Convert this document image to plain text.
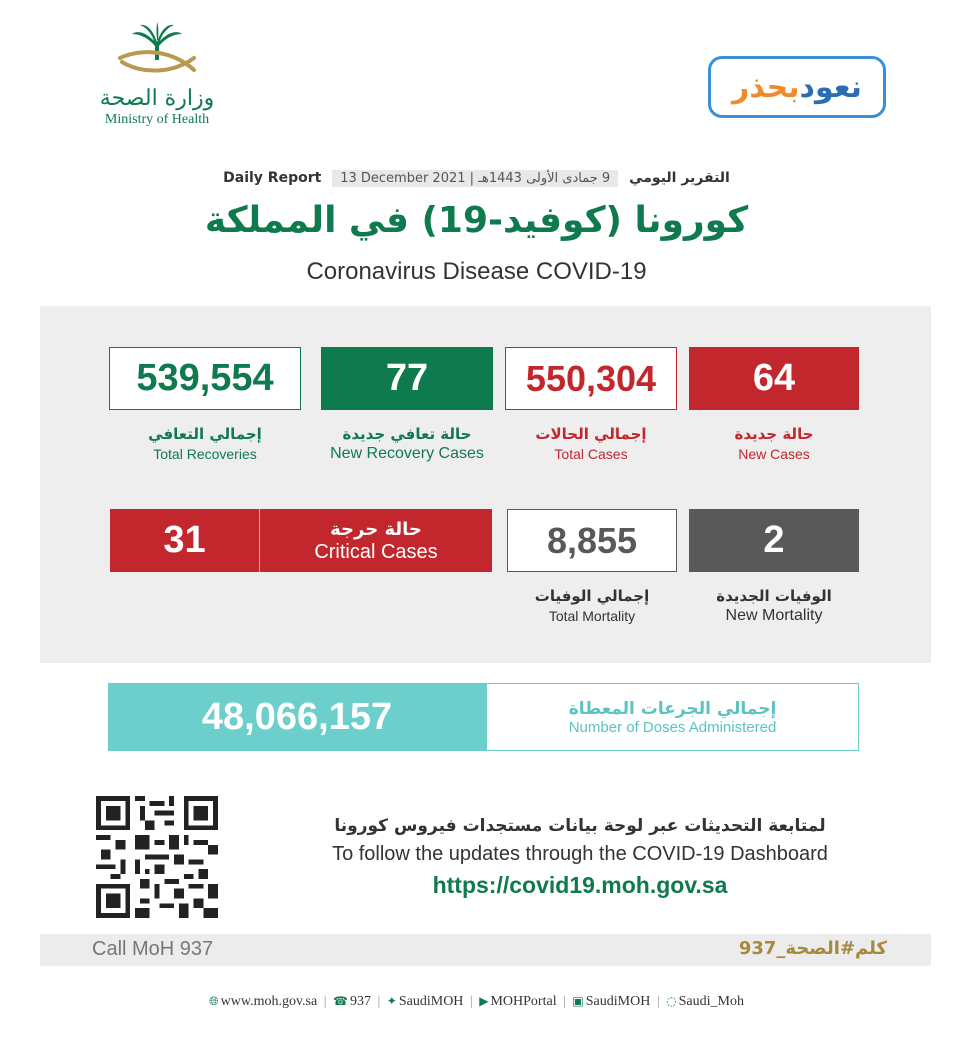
وزارة الصحة
Ministry of Health
نعود
بحذر
Daily Report 13 December 2021 | 9 جمادى الأولى 1443هـ التقرير اليومي
كورونا (كوفيد-19) في المملكة
Coronavirus Disease COVID-19
64
حالة جديدة
New Cases
550,304
إجمالي الحالات
Total Cases
77
حالة تعافي جديدة
New Recovery Cases
539,554
إجمالي التعافي
Total Recoveries
2
الوفيات الجديدة
New Mortality
8,855
إجمالي الوفيات
Total Mortality
31	حالة حرجة
Critical Cases
48,066,157	إجمالي الجرعات المعطاة
Number of Doses Administered
لمتابعة التحديثات عبر لوحة بيانات مستجدات فيروس كورونا
To follow the updates through the COVID-19 Dashboard
https://covid19.moh.gov.sa
Call MoH 937	كلم#الصحة_937
🌐︎ www.moh.gov.sa | ☎ 937 | ✦ SaudiMOH | ▶ MOHPortal | ▣ SaudiMOH | ◌ Saudi_Moh
